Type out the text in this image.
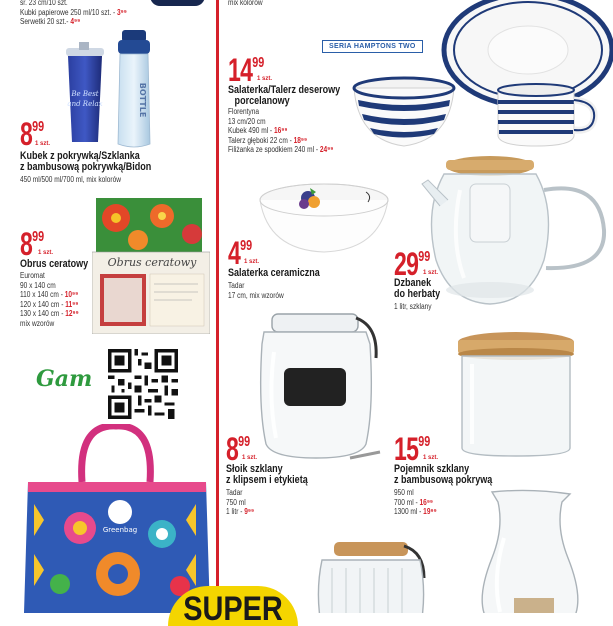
śr. 23 cm/10 szt.
Kubki papierowe 250 ml/10 szt. - 3⁹⁹
Serwetki 20 szt.- 4⁹⁹
mix kolorów
Be Best
and Relax	BOTTLE
899
1 szt.
Kubek z pokrywką/Szklanka
z bambusową pokrywką/Bidon
450 ml/500 ml/700 ml, mix kolorów
Obrus ceratowy
899
1 szt.
Obrus ceratowy
Euromat
90 x 140 cm
110 x 140 cm - 10⁹⁹
120 x 140 cm - 11⁹⁹
130 x 140 cm - 12⁹⁹
mix wzorów
Gam
Greenbag
SUPER
SERIA HAMPTONS TWO
1499
1 szt.
Salaterka/Talerz deserowy
porcelanowy
Florentyna
13 cm/20 cm
Kubek 490 ml - 16⁹⁹
Talerz głęboki 22 cm - 18⁹⁹
Filiżanka ze spodkiem 240 ml - 24⁹⁹
499
1 szt.
Salaterka ceramiczna
Tadar
17 cm, mix wzorów
2999
1 szt.
Dzbanek
do herbaty
1 litr, szklany
899
1 szt.
Słoik szklany
z klipsem i etykietą
Tadar
750 ml
1 litr - 9⁹⁹
1599
1 szt.
Pojemnik szklany
z bambusową pokrywą
950 ml
700 ml - 16⁹⁹
1300 ml - 19⁹⁹
